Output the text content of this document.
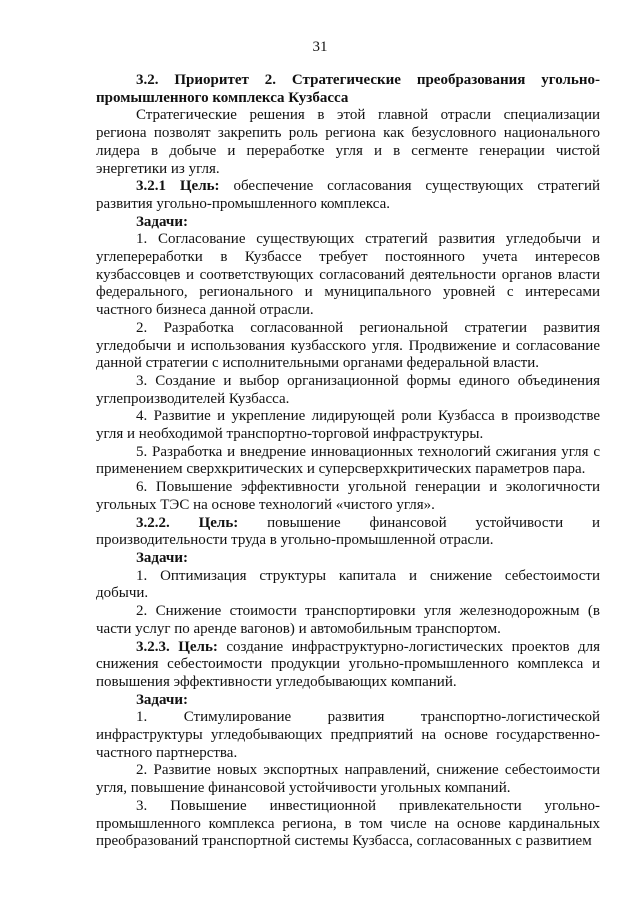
31

3.2. Приоритет 2. Стратегические преобразования угольно-промышленного комплекса Кузбасса

Стратегические решения в этой главной отрасли специализации региона позволят закрепить роль региона как безусловного национального лидера в добыче и переработке угля и в сегменте генерации чистой энергетики из угля.

3.2.1 Цель: обеспечение согласования существующих стратегий развития угольно-промышленного комплекса.

Задачи:

1. Согласование существующих стратегий развития угледобычи и углепереработки в Кузбассе требует постоянного учета интересов кузбассовцев и соответствующих согласований деятельности органов власти федерального, регионального и муниципального уровней с интересами частного бизнеса данной отрасли.

2. Разработка согласованной региональной стратегии развития угледобычи и использования кузбасского угля. Продвижение и согласование данной стратегии с исполнительными органами федеральной власти.

3. Создание и выбор организационной формы единого объединения углепроизводителей Кузбасса.

4. Развитие и укрепление лидирующей роли Кузбасса в производстве угля и необходимой транспортно-торговой инфраструктуры.

5. Разработка и внедрение инновационных технологий сжигания угля с применением сверхкритических и суперсверхкритических параметров пара.

6. Повышение эффективности угольной генерации и экологичности угольных ТЭС на основе технологий «чистого угля».

3.2.2. Цель: повышение финансовой устойчивости и производительности труда в угольно-промышленной отрасли.

Задачи:

1. Оптимизация структуры капитала и снижение себестоимости добычи.

2. Снижение стоимости транспортировки угля железнодорожным (в части услуг по аренде вагонов) и автомобильным транспортом.

3.2.3. Цель: создание инфраструктурно-логистических проектов для снижения себестоимости продукции угольно-промышленного комплекса и повышения эффективности угледобывающих компаний.

Задачи:

1. Стимулирование развития транспортно-логистической инфраструктуры угледобывающих предприятий на основе государственно-частного партнерства.

2. Развитие новых экспортных направлений, снижение себестоимости угля, повышение финансовой устойчивости угольных компаний.

3. Повышение инвестиционной привлекательности угольно-промышленного комплекса региона, в том числе на основе кардинальных преобразований транспортной системы Кузбасса, согласованных с развитием
